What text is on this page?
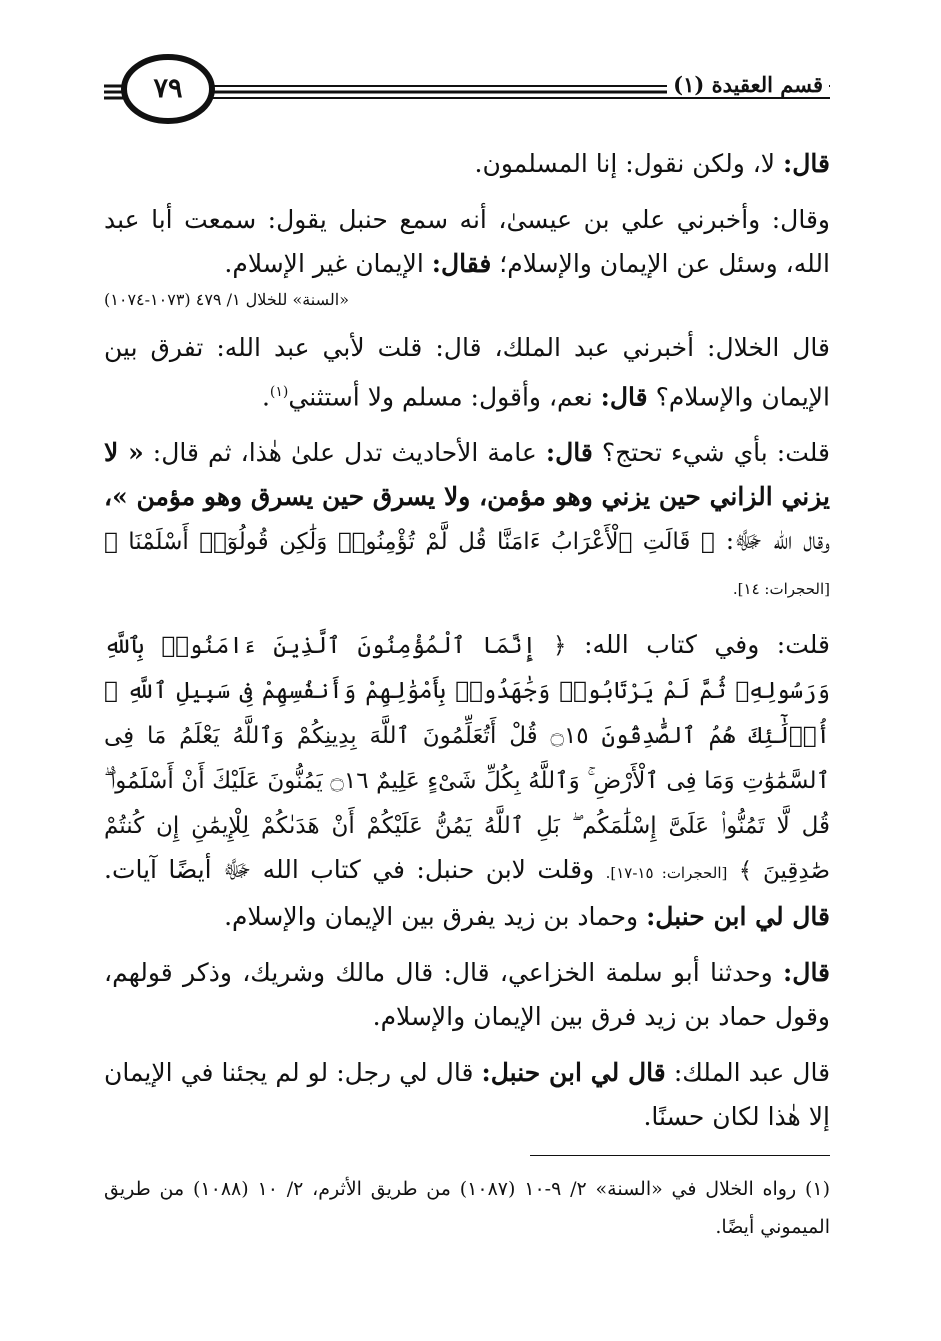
٧٩	قسم العقيدة (١)

قال: لا، ولكن نقول: إنا المسلمون.

وقال: وأخبرني علي بن عيسىٰ، أنه سمع حنبل يقول: سمعت أبا عبد الله، وسئل عن الإيمان والإسلام؛ فقال: الإيمان غير الإسلام.

«السنة» للخلال ١/ ٤٧٩ (١٠٧٣-١٠٧٤)

قال الخلال: أخبرني عبد الملك، قال: قلت لأبي عبد الله: تفرق بين الإيمان والإسلام؟ قال: نعم، وأقول: مسلم ولا أستثني$^{(١)}$.

قلت: بأي شيء تحتج؟ قال: عامة الأحاديث تدل علىٰ هٰذا، ثم قال: « لا يزني الزاني حين يزني وهو مؤمن، ولا يسرق حين يسرق وهو مؤمن »، وقال الله ﷻ: ﴿ قَالَتِ ٱلْأَعْرَابُ ءَامَنَّا قُل لَّمْ تُؤْمِنُوا۟ وَلَٰكِن قُولُوٓا۟ أَسْلَمْنَا ﴾ [الحجرات: ١٤].

قلت: وفي كتاب الله: ﴿ إِنَّمَا ٱلْمُؤْمِنُونَ ٱلَّذِينَ ءَامَنُوا۟ بِٱللَّهِ وَرَسُولِهِۦ ثُمَّ لَمْ يَرْتَابُوا۟ وَجَٰهَدُوا۟ بِأَمْوَٰلِهِمْ وَأَنفُسِهِمْ فِى سَبِيلِ ٱللَّهِ ۚ أُو۟لَٰٓئِكَ هُمُ ٱلصَّٰدِقُونَ ۝١٥ قُلْ أَتُعَلِّمُونَ ٱللَّهَ بِدِينِكُمْ وَٱللَّهُ يَعْلَمُ مَا فِى ٱلسَّمَٰوَٰتِ وَمَا فِى ٱلْأَرْضِ ۚ وَٱللَّهُ بِكُلِّ شَىْءٍ عَلِيمٌ ۝١٦ يَمُنُّونَ عَلَيْكَ أَنْ أَسْلَمُوا۟ ۖ قُل لَّا تَمُنُّوا۟ عَلَىَّ إِسْلَٰمَكُم ۖ بَلِ ٱللَّهُ يَمُنُّ عَلَيْكُمْ أَنْ هَدَىٰكُمْ لِلْإِيمَٰنِ إِن كُنتُمْ صَٰدِقِينَ ﴾ [الحجرات: ١٥-١٧]. وقلت لابن حنبل: في كتاب الله ﷻ أيضًا آيات. قال لي ابن حنبل: وحماد بن زيد يفرق بين الإيمان والإسلام.

قال: وحدثنا أبو سلمة الخزاعي، قال: قال مالك وشريك، وذكر قولهم، وقول حماد بن زيد فرق بين الإيمان والإسلام.

قال عبد الملك: قال لي ابن حنبل: قال لي رجل: لو لم يجئنا في الإيمان إلا هٰذا لكان حسنًا.

(١) رواه الخلال في «السنة» ٢/ ٩-١٠ (١٠٨٧) من طريق الأثرم، ٢/ ١٠ (١٠٨٨) من طريق الميموني أيضًا.
